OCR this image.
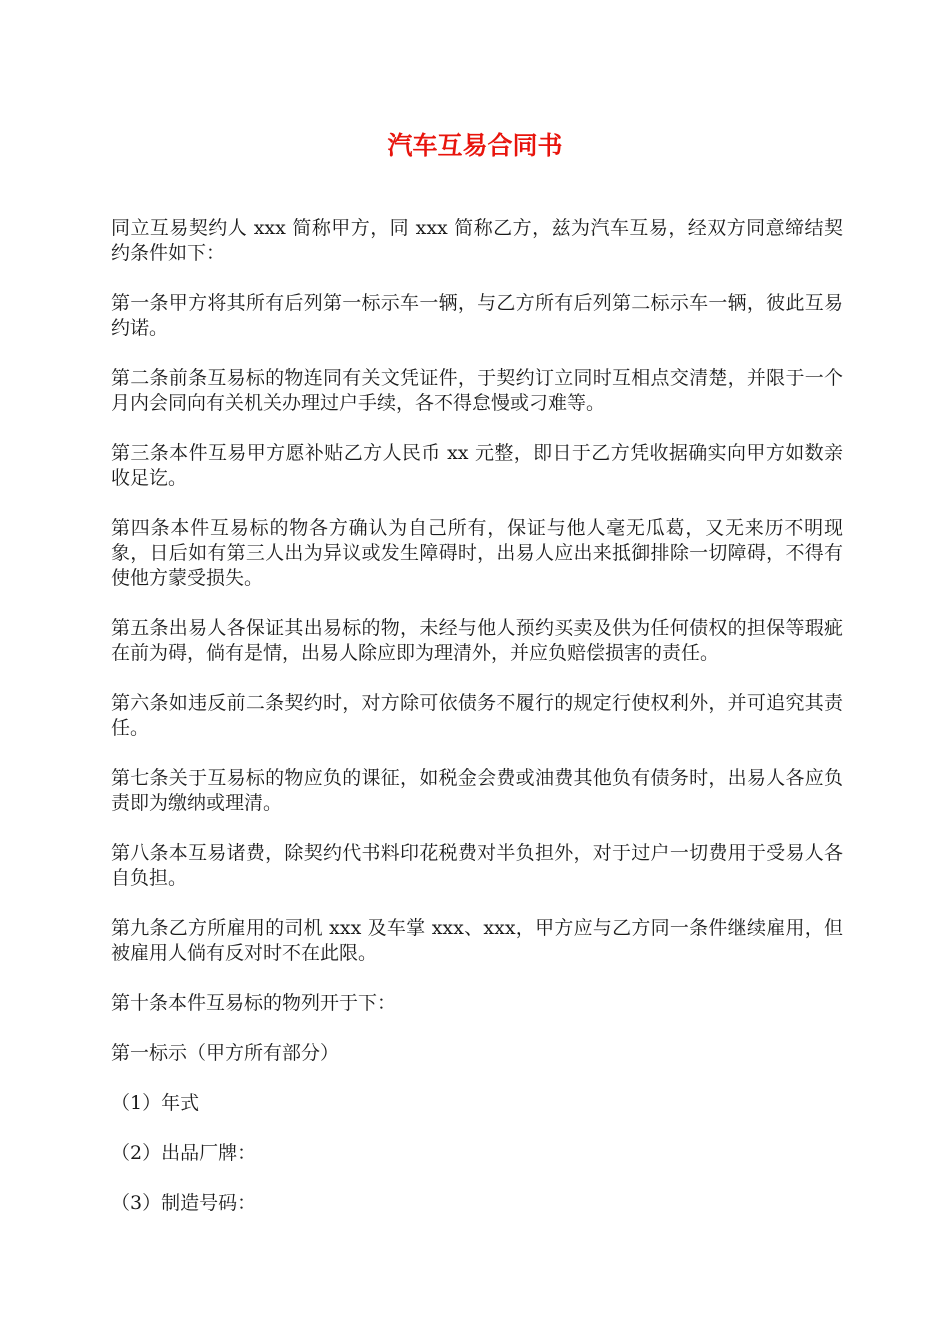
汽车互易合同书

同立互易契约人 xxx 简称甲方，同 xxx 简称乙方，兹为汽车互易，经双方同意缔结契约条件如下：

第一条甲方将其所有后列第一标示车一辆，与乙方所有后列第二标示车一辆，彼此互易约诺。

第二条前条互易标的物连同有关文凭证件，于契约订立同时互相点交清楚，并限于一个月内会同向有关机关办理过户手续，各不得怠慢或刁难等。

第三条本件互易甲方愿补贴乙方人民币 xx 元整，即日于乙方凭收据确实向甲方如数亲收足讫。

第四条本件互易标的物各方确认为自己所有，保证与他人毫无瓜葛，又无来历不明现象，日后如有第三人出为异议或发生障碍时，出易人应出来抵御排除一切障碍，不得有使他方蒙受损失。

第五条出易人各保证其出易标的物，未经与他人预约买卖及供为任何债权的担保等瑕疵在前为碍，倘有是情，出易人除应即为理清外，并应负赔偿损害的责任。

第六条如违反前二条契约时，对方除可依债务不履行的规定行使权利外，并可追究其责任。

第七条关于互易标的物应负的课征，如税金会费或油费其他负有债务时，出易人各应负责即为缴纳或理清。

第八条本互易诸费，除契约代书料印花税费对半负担外，对于过户一切费用于受易人各自负担。

第九条乙方所雇用的司机 xxx 及车掌 xxx、xxx，甲方应与乙方同一条件继续雇用，但被雇用人倘有反对时不在此限。

第十条本件互易标的物列开于下：

第一标示（甲方所有部分）

（1）年式

（2）出品厂牌：

（3）制造号码：
